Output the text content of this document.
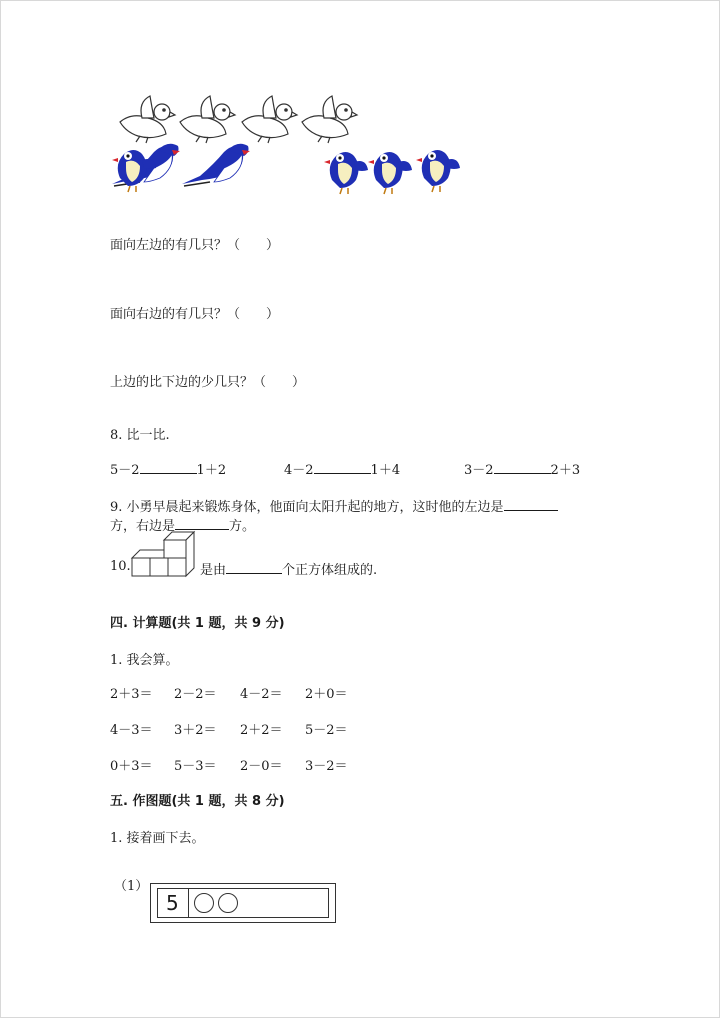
面向左边的有几只？（　　）
面向右边的有几只？（　　）
上边的比下边的少几只？（　　）
8. 比一比.
5－2	1＋2	4－2	1＋4	3－2	2＋3
9. 小勇早晨起来锻炼身体，他面向太阳升起的地方，这时他的左边是
方，右边是	方。
10.	是由	个正方体组成的.
四. 计算题(共 1 题，共 9 分)
1. 我会算。
2＋3＝ 2－2＝ 4－2＝ 2＋0＝
4－3＝ 3＋2＝ 2＋2＝ 5－2＝
0＋3＝ 5－3＝ 2－0＝ 3－2＝
五. 作图题(共 1 题，共 8 分)
1. 接着画下去。
（1）
5
